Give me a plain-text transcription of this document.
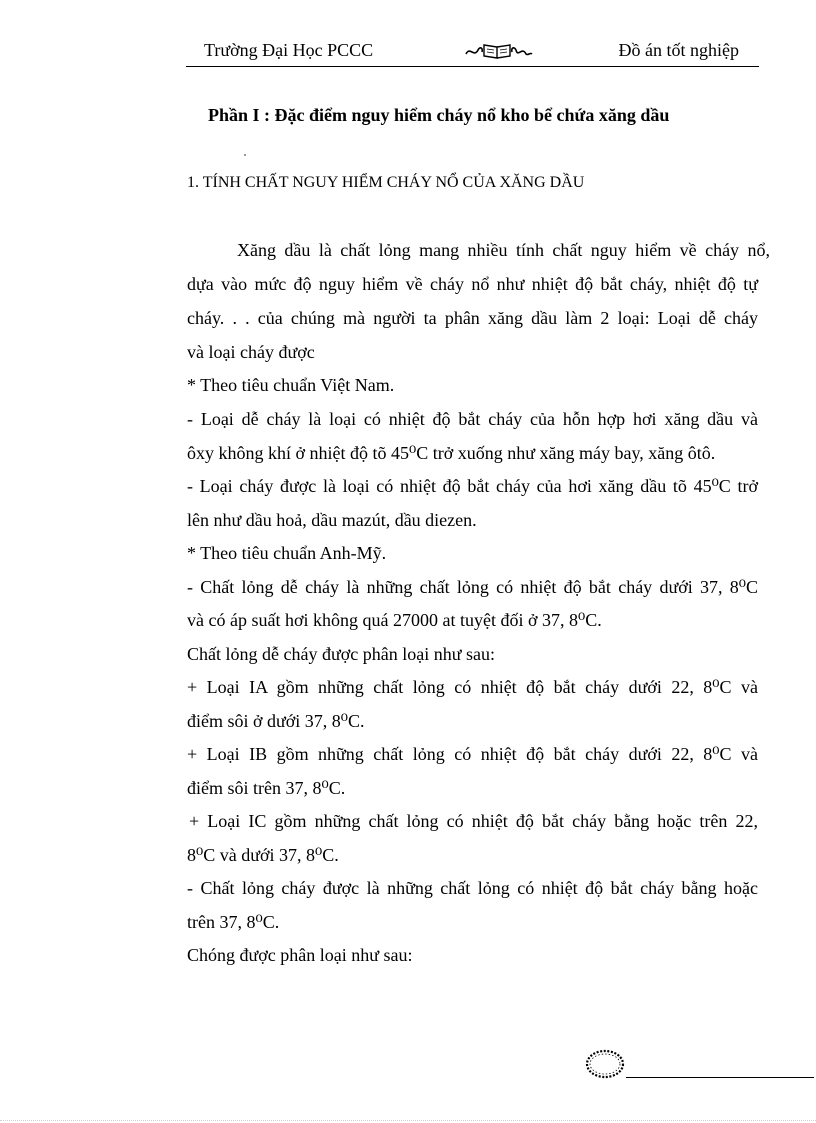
Trường Đại Học PCCC	Đồ án tốt nghiệp
Phần I : Đặc điểm nguy hiểm cháy nổ kho bể chứa xăng dầu
1. TÍNH CHẤT NGUY HIỂM CHÁY NỔ CỦA XĂNG DẦU
Xăng dầu là chất lỏng mang nhiều tính chất nguy hiểm về cháy nổ,
dựa vào mức độ nguy hiểm về cháy nổ như nhiệt độ bắt cháy, nhiệt độ tự
cháy. . . của chúng mà người ta phân xăng dầu làm 2 loại: Loại dễ cháy
và loại cháy được
* Theo tiêu chuẩn Việt Nam.
- Loại dễ cháy là loại có nhiệt độ bắt cháy của hỗn hợp hơi xăng dầu và
ôxy không khí ở nhiệt độ tõ 45⁰C trở xuống như xăng máy bay, xăng ôtô.
- Loại cháy được là loại có nhiệt độ bắt cháy của hơi xăng dầu tõ 45⁰C trở
lên như dầu hoả, dầu mazút, dầu diezen.
* Theo tiêu chuẩn Anh-Mỹ.
- Chất lỏng dễ cháy là những chất lỏng có nhiệt độ bắt cháy dưới 37, 8⁰C
và có áp suất hơi không quá 27000 at tuyệt đối ở 37, 8⁰C.
Chất lỏng dễ cháy được phân loại như sau:
+ Loại IA gồm những chất lỏng có nhiệt độ bắt cháy dưới 22, 8⁰C và
điểm sôi ở dưới 37, 8⁰C.
+ Loại IB gồm những chất lỏng có nhiệt độ bắt cháy dưới 22, 8⁰C và
điểm sôi trên 37, 8⁰C.
+ Loại IC gồm những chất lỏng có nhiệt độ bắt cháy bằng hoặc trên 22,
8⁰C và dưới 37, 8⁰C.
- Chất lỏng cháy được là những chất lỏng có nhiệt độ bắt cháy bằng hoặc
trên 37, 8⁰C.
Chóng được phân loại như sau:
